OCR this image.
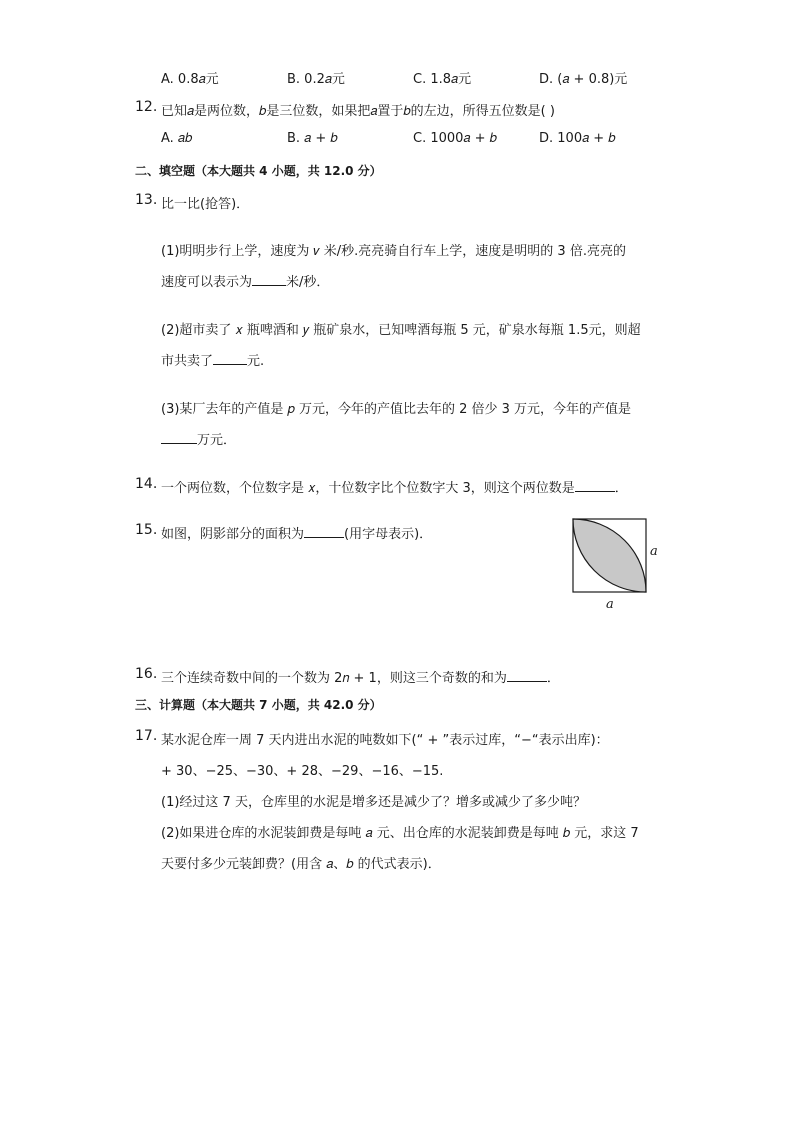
A. 0.8𝑎元	B. 0.2𝑎元	C. 1.8𝑎元	D. (𝑎 + 0.8)元
12. 已知𝑎是两位数，𝑏是三位数，如果把𝑎置于𝑏的左边，所得五位数是( )
A. 𝑎𝑏	B. 𝑎 + 𝑏	C. 1000𝑎 + 𝑏	D. 100𝑎 + 𝑏
二、填空题（本大题共 4 小题，共 12.0 分）
13. 比一比(抢答)．
(1)明明步行上学，速度为 𝑣 米/秒.亮亮骑自行车上学，速度是明明的 3 倍.亮亮的
速度可以表示为	米/秒．
(2)超市卖了 𝑥 瓶啤酒和 𝑦 瓶矿泉水，已知啤酒每瓶 5 元，矿泉水每瓶 1.5元，则超
市共卖了	元.
(3)某厂去年的产值是 𝑝 万元，今年的产值比去年的 2 倍少 3 万元，今年的产值是
万元．
14. 一个两位数，个位数字是 𝑥，十位数字比个位数字大 3，则这个两位数是	．
15. 如图，阴影部分的面积为	(用字母表示)．
a
a
16. 三个连续奇数中间的一个数为 2𝑛 + 1，则这三个奇数的和为	．
三、计算题（本大题共 7 小题，共 42.0 分）
17. 某水泥仓库一周 7 天内进出水泥的吨数如下(“ + ”表示过库，“−“表示出库)：
+ 30、−25、−30、+ 28、−29、−16、−15.
(1)经过这 7 天，仓库里的水泥是增多还是减少了？增多或减少了多少吨？
(2)如果进仓库的水泥装卸费是每吨 𝑎 元、出仓库的水泥装卸费是每吨 𝑏 元，求这 7
天要付多少元装卸费？(用含 𝑎、𝑏 的代式表示)．
